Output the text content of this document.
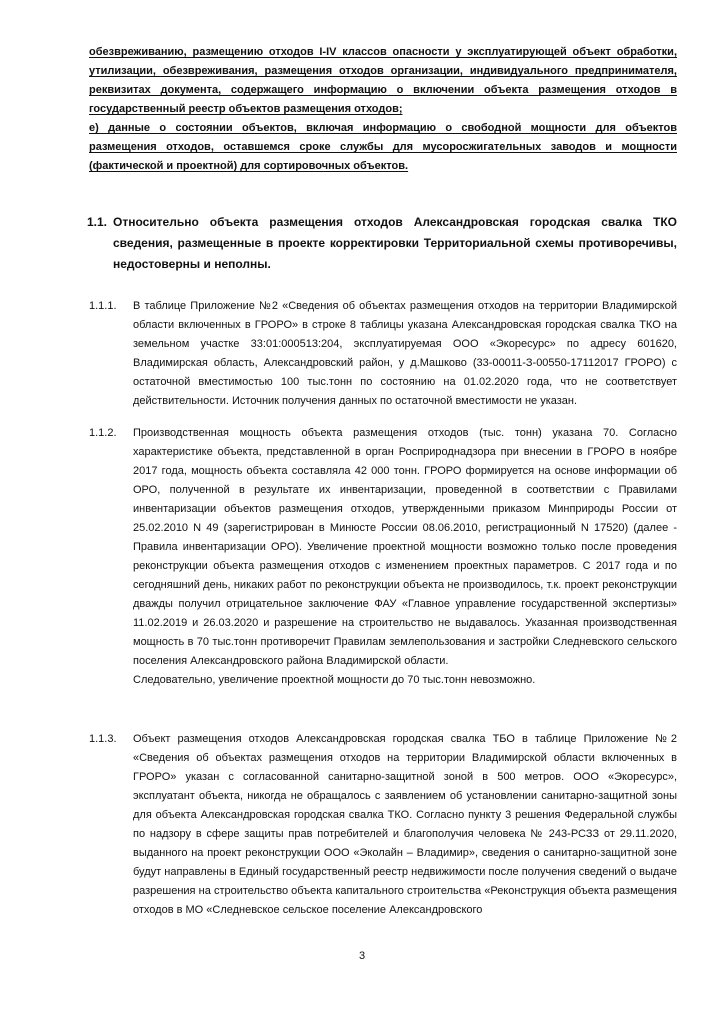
обезвреживанию, размещению отходов I-IV классов опасности у эксплуатирующей объект обработки, утилизации, обезвреживания, размещения отходов организации, индивидуального предпринимателя, реквизитах документа, содержащего информацию о включении объекта размещения отходов в государственный реестр объектов размещения отходов;

е) данные о состоянии объектов, включая информацию о свободной мощности для объектов размещения отходов, оставшемся сроке службы для мусоросжигательных заводов и мощности (фактической и проектной) для сортировочных объектов.

1.1. Относительно объекта размещения отходов Александровская городская свалка ТКО сведения, размещенные в проекте корректировки Территориальной схемы противоречивы, недостоверны и неполны.
1.1.1. В таблице Приложение №2 «Сведения об объектах размещения отходов на территории Владимирской области включенных в ГРОРО» в строке 8 таблицы указана Александровская городская свалка ТКО на земельном участке 33:01:000513:204, эксплуатируемая ООО «Экоресурс» по адресу 601620, Владимирская область, Александровский район, у д.Машково (33-00011-З-00550-17112017 ГРОРО) с остаточной вместимостью 100 тыс.тонн по состоянию на 01.02.2020 года, что не соответствует действительности. Источник получения данных по остаточной вместимости не указан.

1.1.2. Производственная мощность объекта размещения отходов (тыс. тонн) указана 70. Согласно характеристике объекта, представленной в орган Росприроднадзора при внесении в ГРОРО в ноябре 2017 года, мощность объекта составляла 42 000 тонн. ГРОРО формируется на основе информации об ОРО, полученной в результате их инвентаризации, проведенной в соответствии с Правилами инвентаризации объектов размещения отходов, утвержденными приказом Минприроды России от 25.02.2010 N 49 (зарегистрирован в Минюсте России 08.06.2010, регистрационный N 17520) (далее - Правила инвентаризации ОРО). Увеличение проектной мощности возможно только после проведения реконструкции объекта размещения отходов с изменением проектных параметров. С 2017 года и по сегодняшний день, никаких работ по реконструкции объекта не производилось, т.к. проект реконструкции дважды получил отрицательное заключение ФАУ «Главное управление государственной экспертизы» 11.02.2019 и 26.03.2020 и разрешение на строительство не выдавалось. Указанная производственная мощность в 70 тыс.тонн противоречит Правилам землепользования и застройки Следневского сельского поселения Александровского района Владимирской области.

Следовательно, увеличение проектной мощности до 70 тыс.тонн невозможно.

1.1.3. Объект размещения отходов Александровская городская свалка ТБО в таблице Приложение №2 «Сведения об объектах размещения отходов на территории Владимирской области включенных в ГРОРО» указан с согласованной санитарно-защитной зоной в 500 метров. ООО «Экоресурс», эксплуатант объекта, никогда не обращалось с заявлением об установлении санитарно-защитной зоны для объекта Александровская городская свалка ТКО. Согласно пункту 3 решения Федеральной службы по надзору в сфере защиты прав потребителей и благополучия человека № 243-РСЗЗ от 29.11.2020, выданного на проект реконструкции ООО «Эколайн – Владимир», сведения о санитарно-защитной зоне будут направлены в Единый государственный реестр недвижимости после получения сведений о выдаче разрешения на строительство объекта капитального строительства «Реконструкция объекта размещения отходов в МО «Следневское сельское поселение Александровского

3
